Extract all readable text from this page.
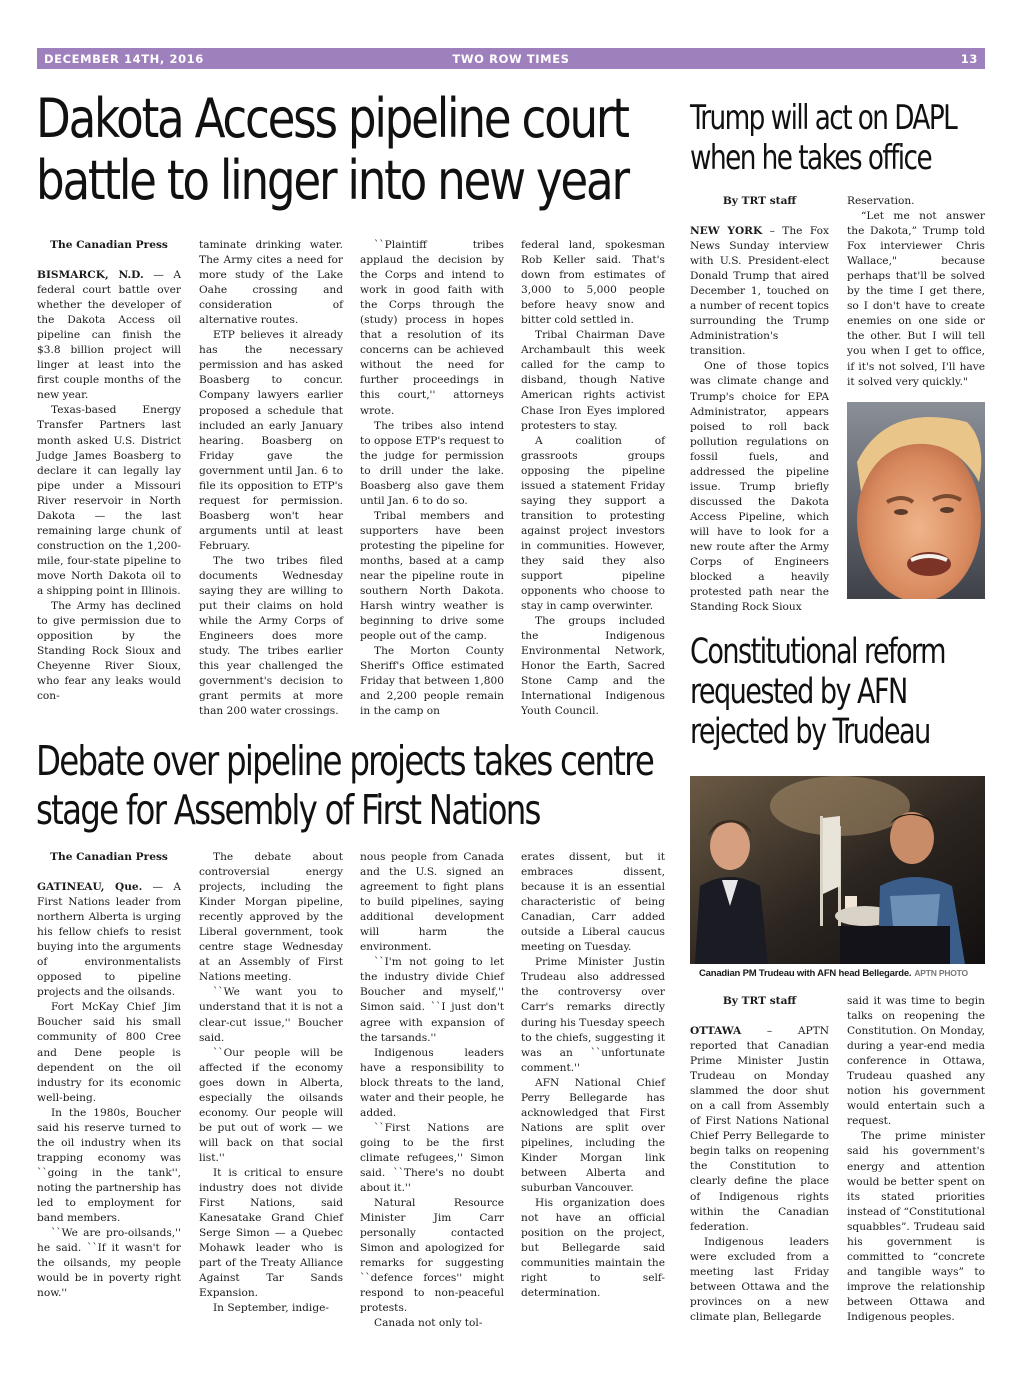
DECEMBER 14TH, 2016	TWO ROW TIMES	13
Dakota Access pipeline court
battle to linger into new year
The Canadian Press

BISMARCK, N.D. — A federal court battle over whether the developer of the Dakota Access oil pipeline can finish the $3.8 billion project will linger at least into the first couple months of the new year.

Texas-based Energy Transfer Partners last month asked U.S. District Judge James Boasberg to declare it can legally lay pipe under a Missouri River reservoir in North Dakota — the last remaining large chunk of construction on the 1,200-mile, four-state pipeline to move North Dakota oil to a shipping point in Illinois.

The Army has declined to give permission due to opposition by the Standing Rock Sioux and Cheyenne River Sioux, who fear any leaks would con-

taminate drinking water. The Army cites a need for more study of the Lake Oahe crossing and consideration of alternative routes.

ETP believes it already has the necessary permission and has asked Boasberg to concur. Company lawyers earlier proposed a schedule that included an early January hearing. Boasberg on Friday gave the government until Jan. 6 to file its opposition to ETP's request for permission. Boasberg won't hear arguments until at least February.

The two tribes filed documents Wednesday saying they are willing to put their claims on hold while the Army Corps of Engineers does more study. The tribes earlier this year challenged the government's decision to grant permits at more than 200 water crossings.

``Plaintiff tribes applaud the decision by the Corps and intend to work in good faith with the Corps through the (study) process in hopes that a resolution of its concerns can be achieved without the need for further proceedings in this court,'' attorneys wrote.

The tribes also intend to oppose ETP's request to the judge for permission to drill under the lake. Boasberg also gave them until Jan. 6 to do so.

Tribal members and supporters have been protesting the pipeline for months, based at a camp near the pipeline route in southern North Dakota. Harsh wintry weather is beginning to drive some people out of the camp.

The Morton County Sheriff's Office estimated Friday that between 1,800 and 2,200 people remain in the camp on

federal land, spokesman Rob Keller said. That's down from estimates of 3,000 to 5,000 people before heavy snow and bitter cold settled in.

Tribal Chairman Dave Archambault this week called for the camp to disband, though Native American rights activist Chase Iron Eyes implored protesters to stay.

A coalition of grassroots groups opposing the pipeline issued a statement Friday saying they support a transition to protesting against project investors in communities. However, they said they also support pipeline opponents who choose to stay in camp overwinter.

The groups included the Indigenous Environmental Network, Honor the Earth, Sacred Stone Camp and the International Indigenous Youth Council.

Debate over pipeline projects takes centre
stage for Assembly of First Nations
The Canadian Press

GATINEAU, Que. — A First Nations leader from northern Alberta is urging his fellow chiefs to resist buying into the arguments of environmentalists opposed to pipeline projects and the oilsands.

Fort McKay Chief Jim Boucher said his small community of 800 Cree and Dene people is dependent on the oil industry for its economic well-being.

In the 1980s, Boucher said his reserve turned to the oil industry when its trapping economy was ``going in the tank'', noting the partnership has led to employment for band members.

``We are pro-oilsands,'' he said. ``If it wasn't for the oilsands, my people would be in poverty right now.''

The debate about controversial energy projects, including the Kinder Morgan pipeline, recently approved by the Liberal government, took centre stage Wednesday at an Assembly of First Nations meeting.

``We want you to understand that it is not a clear-cut issue,'' Boucher said.

``Our people will be affected if the economy goes down in Alberta, especially the oilsands economy. Our people will be put out of work — we will back on that social list.''

It is critical to ensure industry does not divide First Nations, said Kanesatake Grand Chief Serge Simon — a Quebec Mohawk leader who is part of the Treaty Alliance Against Tar Sands Expansion.

In September, indige-

nous people from Canada and the U.S. signed an agreement to fight plans to build pipelines, saying additional development will harm the environment.

``I'm not going to let the industry divide Chief Boucher and myself,'' Simon said. ``I just don't agree with expansion of the tarsands.''

Indigenous leaders have a responsibility to block threats to the land, water and their people, he added.

``First Nations are going to be the first climate refugees,'' Simon said. ``There's no doubt about it.''

Natural Resource Minister Jim Carr personally contacted Simon and apologized for remarks for suggesting ``defence forces'' might respond to non-peaceful protests.

Canada not only tol-

erates dissent, but it embraces dissent, because it is an essential characteristic of being Canadian, Carr added outside a Liberal caucus meeting on Tuesday.

Prime Minister Justin Trudeau also addressed the controversy over Carr's remarks directly during his Tuesday speech to the chiefs, suggesting it was an ``unfortunate comment.''

AFN National Chief Perry Bellegarde has acknowledged that First Nations are split over pipelines, including the Kinder Morgan link between Alberta and suburban Vancouver.

His organization does not have an official position on the project, but Bellegarde said communities maintain the right to self-determination.

Trump will act on DAPL
when he takes office
By TRT staff

NEW YORK – The Fox News Sunday interview with U.S. President-elect Donald Trump that aired December 1, touched on a number of recent topics surrounding the Trump Administration's transition.

One of those topics was climate change and Trump's choice for EPA Administrator, appears poised to roll back pollution regulations on fossil fuels, and addressed the pipeline issue. Trump briefly discussed the Dakota Access Pipeline, which will have to look for a new route after the Army Corps of Engineers blocked a heavily protested path near the Standing Rock Sioux

Reservation.

“Let me not answer the Dakota,” Trump told Fox interviewer Chris Wallace," because perhaps that'll be solved by the time I get there, so I don't have to create enemies on one side or the other. But I will tell you when I get to office, if it's not solved, I'll have it solved very quickly."

Constitutional reform
requested by AFN
rejected by Trudeau
Canadian PM Trudeau with AFN head Bellegarde. APTN PHOTO
By TRT staff

OTTAWA – APTN reported that Canadian Prime Minister Justin Trudeau on Monday slammed the door shut on a call from Assembly of First Nations National Chief Perry Bellegarde to begin talks on reopening the Constitution to clearly define the place of Indigenous rights within the Canadian federation.

Indigenous leaders were excluded from a meeting last Friday between Ottawa and the provinces on a new climate plan, Bellegarde

said it was time to begin talks on reopening the Constitution. On Monday, during a year-end media conference in Ottawa, Trudeau quashed any notion his government would entertain such a request.

The prime minister said his government's energy and attention would be better spent on its stated priorities instead of “Constitutional squabbles”. Trudeau said his government is committed to “concrete and tangible ways” to improve the relationship between Ottawa and Indigenous peoples.
